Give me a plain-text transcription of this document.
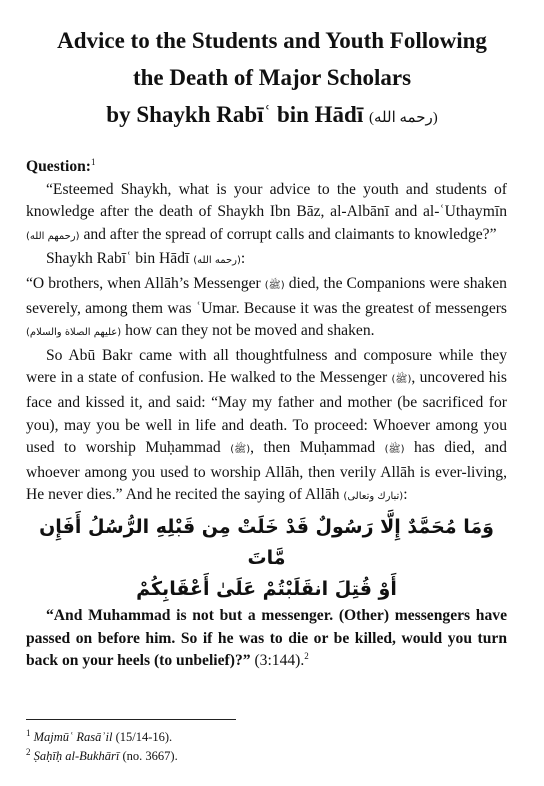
Advice to the Students and Youth Following
the Death of Major Scholars
by Shaykh Rabīʿ bin Hādī (رحمه الله)

Question:$^1$

“Esteemed Shaykh, what is your advice to the youth and students of knowledge after the death of Shaykh Ibn Bāz, al-Albānī and al-ʿUthaymīn (رحمهم الله) and after the spread of corrupt calls and claimants to knowledge?”

Shaykh Rabīʿ bin Hādī (رحمه الله):

“O brothers, when Allāh’s Messenger (ﷺ) died, the Companions were shaken severely, among them was ʿUmar. Because it was the greatest of messengers (عليهم الصلاة والسلام) how can they not be moved and shaken.

So Abū Bakr came with all thoughtfulness and composure while they were in a state of confusion. He walked to the Messenger (ﷺ), uncovered his face and kissed it, and said: “May my father and mother (be sacrificed for you), may you be well in life and death. To proceed: Whoever among you used to worship Muḥammad (ﷺ), then Muḥammad (ﷺ) has died, and whoever among you used to worship Allāh, then verily Allāh is ever-living, He never dies.” And he recited the saying of Allāh (تبارك وتعالى):

وَمَا مُحَمَّدٌ إِلَّا رَسُولٌ قَدْ خَلَتْ مِن قَبْلِهِ الرُّسُلُ أَفَإِن مَّاتَ
أَوْ قُتِلَ انقَلَبْتُمْ عَلَىٰ أَعْقَابِكُمْ

“And Muhammad is not but a messenger. (Other) messengers have passed on before him. So if he was to die or be killed, would you turn back on your heels (to unbelief)?” (3:144).$^2$

$^1$ Majmūʿ Rasāʾil (15/14-16).
$^2$ Ṣaḥīḥ al-Bukhārī (no. 3667).
